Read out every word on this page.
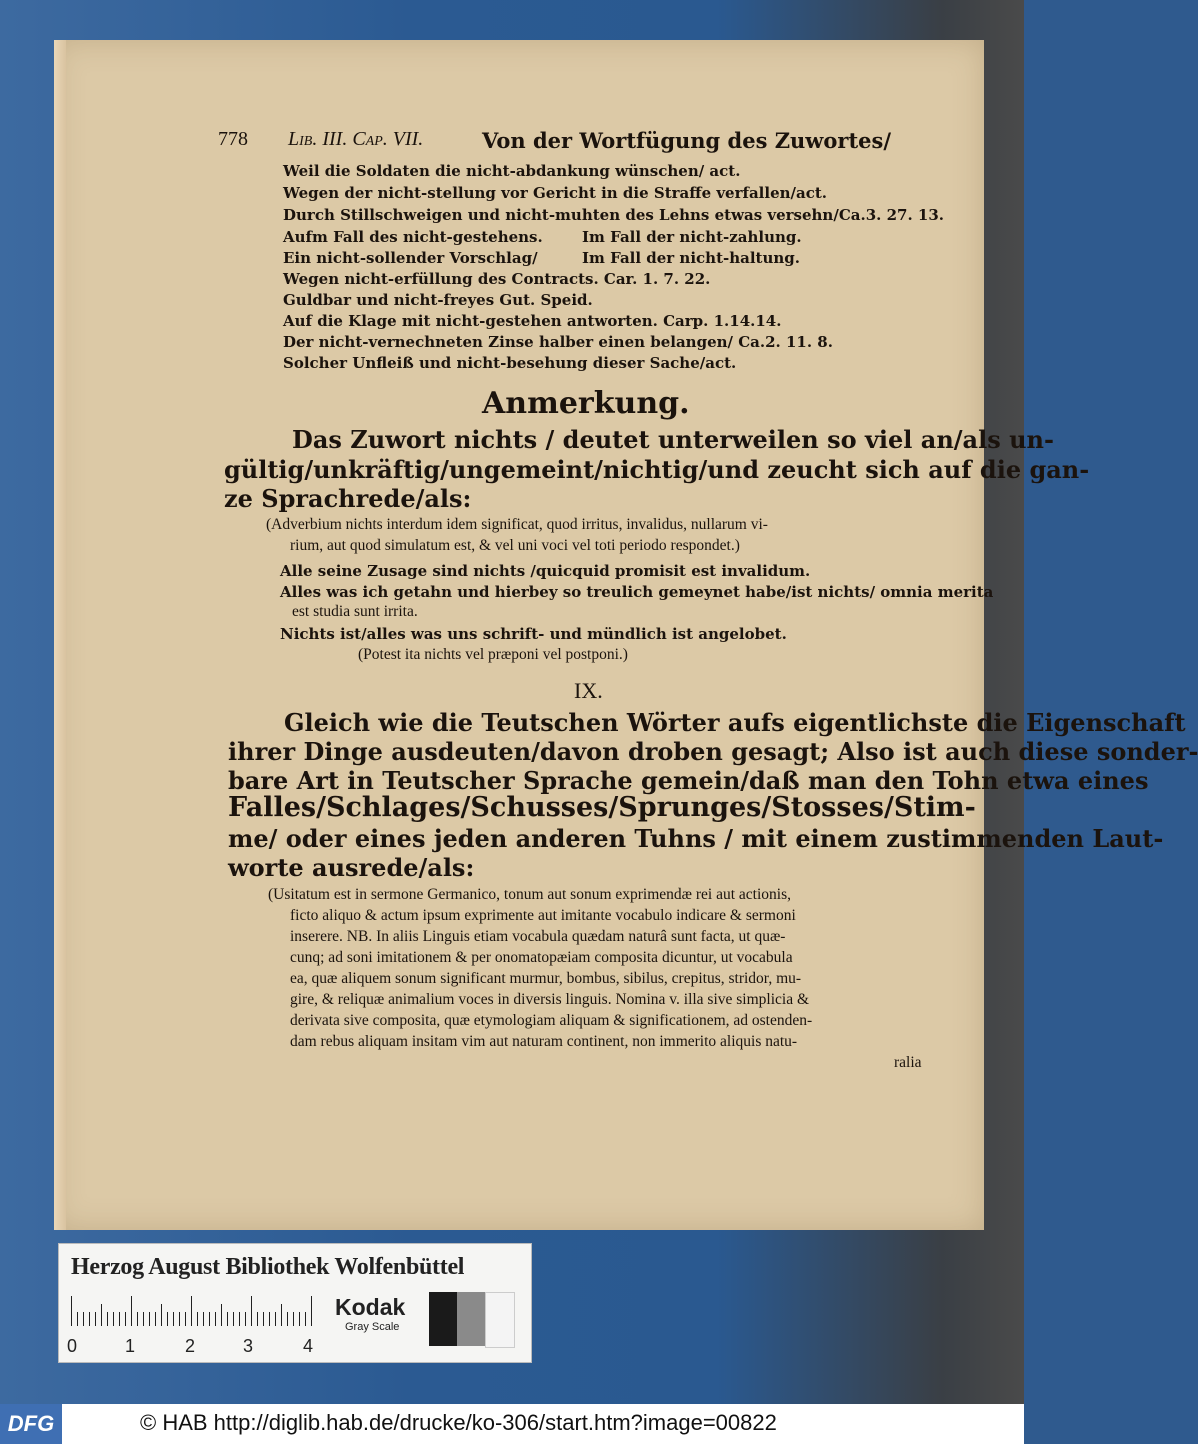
778 Lib. III. Cap. VII.	Von der Wortfügung des Zuwortes/
Weil die Soldaten die nicht-abdankung wünschen/ act.
Wegen der nicht-stellung vor Gericht in die Straffe verfallen/act.
Durch Stillschweigen und nicht-muhten des Lehns etwas versehn/Ca.3. 27. 13.
Aufm Fall des nicht-gestehens.	Im Fall der nicht-zahlung.
Ein nicht-sollender Vorschlag/	Im Fall der nicht-haltung.
Wegen nicht-erfüllung des Contracts. Car. 1. 7. 22.
Guldbar und nicht-freyes Gut. Speid.
Auf die Klage mit nicht-gestehen antworten. Carp. 1.14.14.
Der nicht-vernechneten Zinse halber einen belangen/ Ca.2. 11. 8.
Solcher Unfleiß und nicht-besehung dieser Sache/act.
Anmerkung.
Das Zuwort nichts / deutet unterweilen so viel an/als un-
gültig/unkräftig/ungemeint/nichtig/und zeucht sich auf die gan-
ze Sprachrede/als:
(Adverbium nichts interdum idem significat, quod irritus, invalidus, nullarum vi-
rium, aut quod simulatum est, & vel uni voci vel toti periodo respondet.)
Alle seine Zusage sind nichts /quicquid promisit est invalidum.
Alles was ich getahn und hierbey so treulich gemeynet habe/ist nichts/ omnia merita
est studia sunt irrita.
Nichts ist/alles was uns schrift- und mündlich ist angelobet.
(Potest ita nichts vel præponi vel postponi.)
IX.
Gleich wie die Teutschen Wörter aufs eigentlichste die Eigenschaft
ihrer Dinge ausdeuten/davon droben gesagt; Also ist auch diese sonder-
bare Art in Teutscher Sprache gemein/daß man den Tohn etwa eines
Falles/Schlages/Schusses/Sprunges/Stosses/Stim-
me/ oder eines jeden anderen Tuhns / mit einem zustimmenden Laut-
worte ausrede/als:
(Usitatum est in sermone Germanico, tonum aut sonum exprimendæ rei aut actionis,
ficto aliquo & actum ipsum exprimente aut imitante vocabulo indicare & sermoni
inserere. NB. In aliis Linguis etiam vocabula quædam naturâ sunt facta, ut quæ-
cunq; ad soni imitationem & per onomatopæiam composita dicuntur, ut vocabula
ea, quæ aliquem sonum significant murmur, bombus, sibilus, crepitus, stridor, mu-
gire, & reliquæ animalium voces in diversis linguis. Nomina v. illa sive simplicia &
derivata sive composita, quæ etymologiam aliquam & significationem, ad ostenden-
dam rebus aliquam insitam vim aut naturam continent, non immerito aliquis natu-
ralia
Herzog August Bibliothek Wolfenbüttel
0	1	2	3	4
Kodak
Gray Scale
DFG	© HAB http://diglib.hab.de/drucke/ko-306/start.htm?image=00822
